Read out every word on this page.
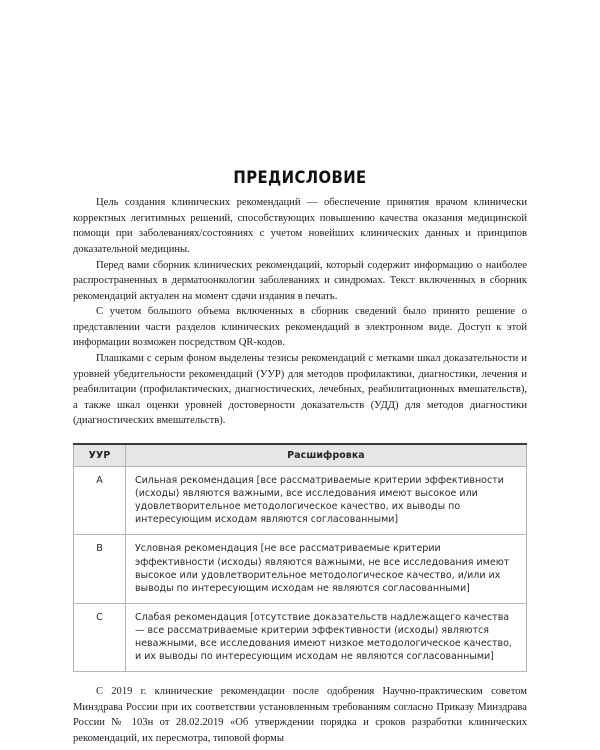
ПРЕДИСЛОВИЕ

Цель создания клинических рекомендаций — обеспечение принятия врачом клинически корректных легитимных решений, способствующих повышению качества оказания медицинской помощи при заболеваниях/состояниях с учетом новейших клинических данных и принципов доказательной медицины.

Перед вами сборник клинических рекомендаций, который содержит информацию о наиболее распространенных в дерматоонкологии заболеваниях и синдромах. Текст включенных в сборник рекомендаций актуален на момент сдачи издания в печать.

С учетом большого объема включенных в сборник сведений было принято решение о представлении части разделов клинических рекомендаций в электронном виде. Доступ к этой информации возможен посредством QR-кодов.

Плашками с серым фоном выделены тезисы рекомендаций с метками шкал доказательности и уровней убедительности рекомендаций (УУР) для методов профилактики, диагностики, лечения и реабилитации (профилактических, диагностических, лечебных, реабилитационных вмешательств), а также шкал оценки уровней достоверности доказательств (УДД) для методов диагностики (диагностических вмешательств).

УУР	Расшифровка
A	Сильная рекомендация [все рассматриваемые критерии эффективности (исходы) являются важными, все исследования имеют высокое или удовлетворительное методологическое качество, их выводы по интересующим исходам являются согласованными]
B	Условная рекомендация [не все рассматриваемые критерии эффективности (исходы) являются важными, не все исследования имеют высокое или удовлетворительное методологическое качество, и/или их выводы по интересующим исходам не являются согласованными]
C	Слабая рекомендация [отсутствие доказательств надлежащего качества — все рассматриваемые критерии эффективности (исходы) являются неважными, все исследования имеют низкое методологическое качество, и их выводы по интересующим исходам не являются согласованными]

С 2019 г. клинические рекомендации после одобрения Научно-практическим советом Минздрава России при их соответствии установленным требованиям согласно Приказу Минздрава России № 103н от 28.02.2019 «Об утверждении порядка и сроков разработки клинических рекомендаций, их пересмотра, типовой формы
